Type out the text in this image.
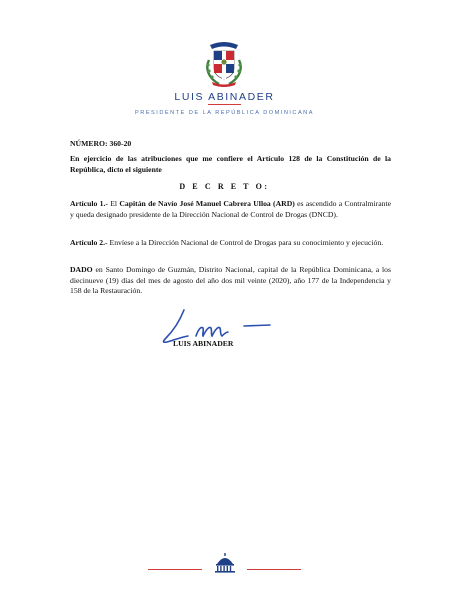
LUIS ABINADER
PRESIDENTE DE LA REPÚBLICA DOMINICANA
NÚMERO: 360-20
En ejercicio de las atribuciones que me confiere el Artículo 128 de la Constitución de la República, dicto el siguiente
D E C R E T O:
Artículo 1.- El Capitán de Navío José Manuel Cabrera Ulloa (ARD) es ascendido a Contralmirante y queda designado presidente de la Dirección Nacional de Control de Drogas (DNCD).
Artículo 2.- Envíese a la Dirección Nacional de Control de Drogas para su conocimiento y ejecución.
DADO en Santo Domingo de Guzmán, Distrito Nacional, capital de la República Dominicana, a los diecinueve (19) días del mes de agosto del año dos mil veinte (2020), año 177 de la Independencia y 158 de la Restauración.
LUIS ABINADER
